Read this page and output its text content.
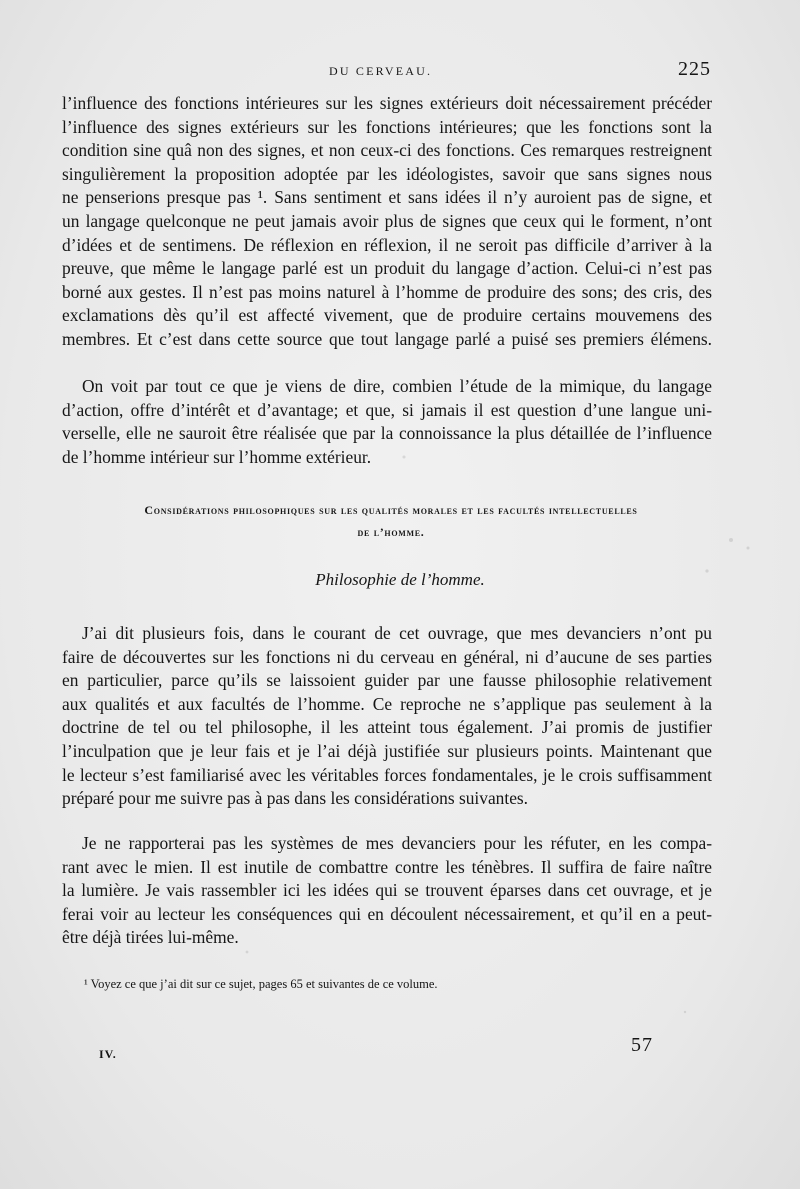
DU CERVEAU.	225
l’influence des fonctions intérieures sur les signes extérieurs doit nécessairement précéder
l’influence des signes extérieurs sur les fonctions intérieures; que les fonctions sont la
condition sine quâ non des signes, et non ceux-ci des fonctions. Ces remarques restreignent
singulièrement la proposition adoptée par les idéologistes, savoir que sans signes nous
ne penserions presque pas ¹. Sans sentiment et sans idées il n’y auroient pas de signe, et
un langage quelconque ne peut jamais avoir plus de signes que ceux qui le forment, n’ont
d’idées et de sentimens. De réflexion en réflexion, il ne seroit pas difficile d’arriver à la
preuve, que même le langage parlé est un produit du langage d’action. Celui-ci n’est pas
borné aux gestes. Il n’est pas moins naturel à l’homme de produire des sons; des cris, des
exclamations dès qu’il est affecté vivement, que de produire certains mouvemens des
membres. Et c’est dans cette source que tout langage parlé a puisé ses premiers élémens.
On voit par tout ce que je viens de dire, combien l’étude de la mimique, du langage
d’action, offre d’intérêt et d’avantage; et que, si jamais il est question d’une langue uni-
verselle, elle ne sauroit être réalisée que par la connoissance la plus détaillée de l’influence
de l’homme intérieur sur l’homme extérieur.
Considérations philosophiques sur les qualités morales et les facultés intellectuelles
de l’homme.
Philosophie de l’homme.
J’ai dit plusieurs fois, dans le courant de cet ouvrage, que mes devanciers n’ont pu
faire de découvertes sur les fonctions ni du cerveau en général, ni d’aucune de ses parties
en particulier, parce qu’ils se laissoient guider par une fausse philosophie relativement
aux qualités et aux facultés de l’homme. Ce reproche ne s’applique pas seulement à la
doctrine de tel ou tel philosophe, il les atteint tous également. J’ai promis de justifier
l’inculpation que je leur fais et je l’ai déjà justifiée sur plusieurs points. Maintenant que
le lecteur s’est familiarisé avec les véritables forces fondamentales, je le crois suffisamment
préparé pour me suivre pas à pas dans les considérations suivantes.
Je ne rapporterai pas les systèmes de mes devanciers pour les réfuter, en les compa-
rant avec le mien. Il est inutile de combattre contre les ténèbres. Il suffira de faire naître
la lumière. Je vais rassembler ici les idées qui se trouvent éparses dans cet ouvrage, et je
ferai voir au lecteur les conséquences qui en découlent nécessairement, et qu’il en a peut-
être déjà tirées lui-même.
¹ Voyez ce que j’ai dit sur ce sujet, pages 65 et suivantes de ce volume.
IV.	57
